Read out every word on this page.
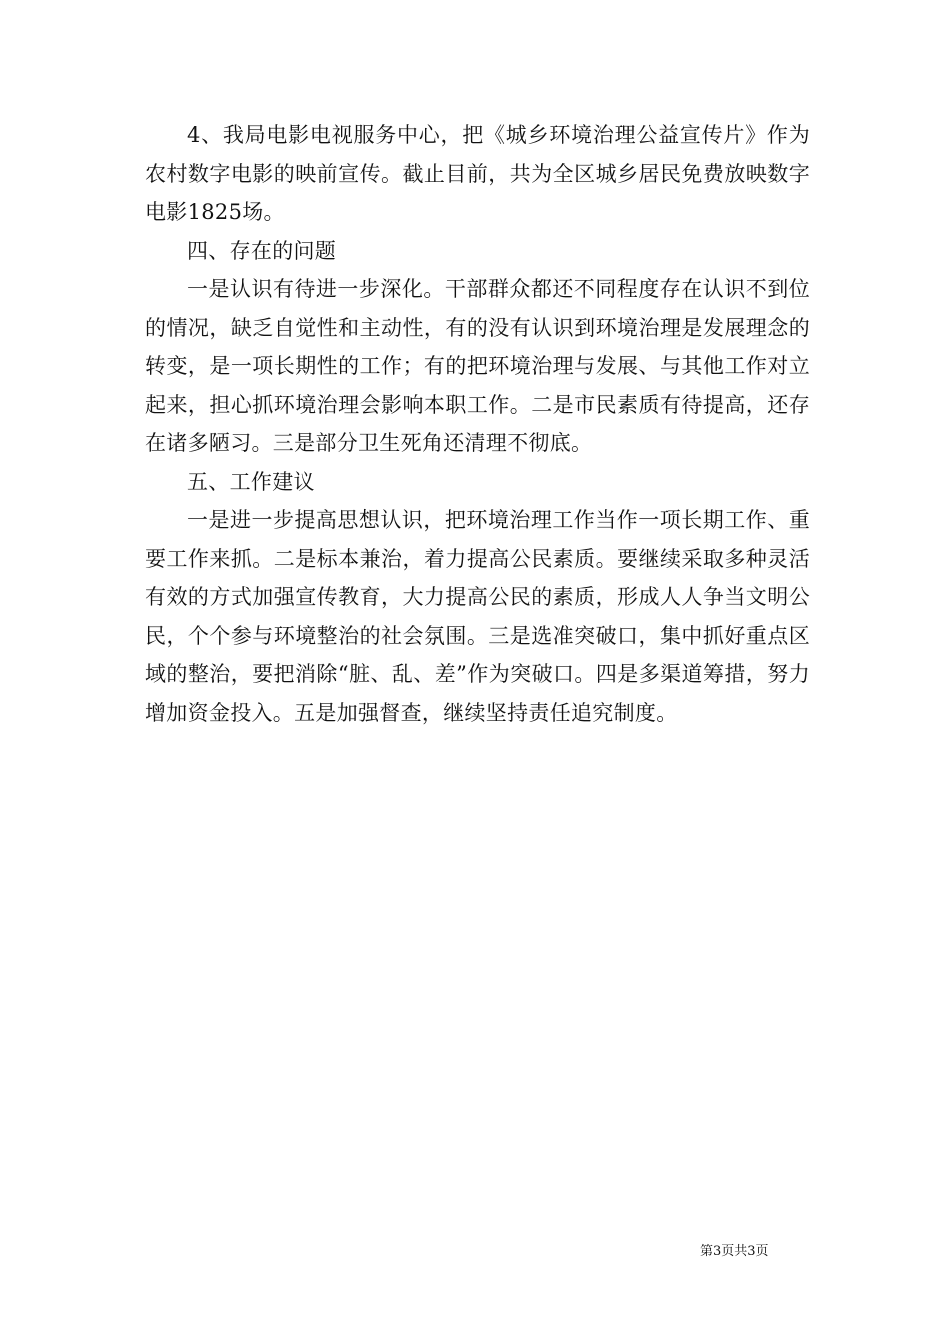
4、我局电影电视服务中心，把《城乡环境治理公益宣传片》作为农村数字电影的映前宣传。截止目前，共为全区城乡居民免费放映数字电影1825场。

四、存在的问题

一是认识有待进一步深化。干部群众都还不同程度存在认识不到位的情况，缺乏自觉性和主动性，有的没有认识到环境治理是发展理念的转变，是一项长期性的工作；有的把环境治理与发展、与其他工作对立起来，担心抓环境治理会影响本职工作。二是市民素质有待提高，还存在诸多陋习。三是部分卫生死角还清理不彻底。

五、工作建议

一是进一步提高思想认识，把环境治理工作当作一项长期工作、重要工作来抓。二是标本兼治，着力提高公民素质。要继续采取多种灵活有效的方式加强宣传教育，大力提高公民的素质，形成人人争当文明公民，个个参与环境整治的社会氛围。三是选准突破口，集中抓好重点区域的整治，要把消除“脏、乱、差”作为突破口。四是多渠道筹措，努力增加资金投入。五是加强督查，继续坚持责任追究制度。

第3页共3页
